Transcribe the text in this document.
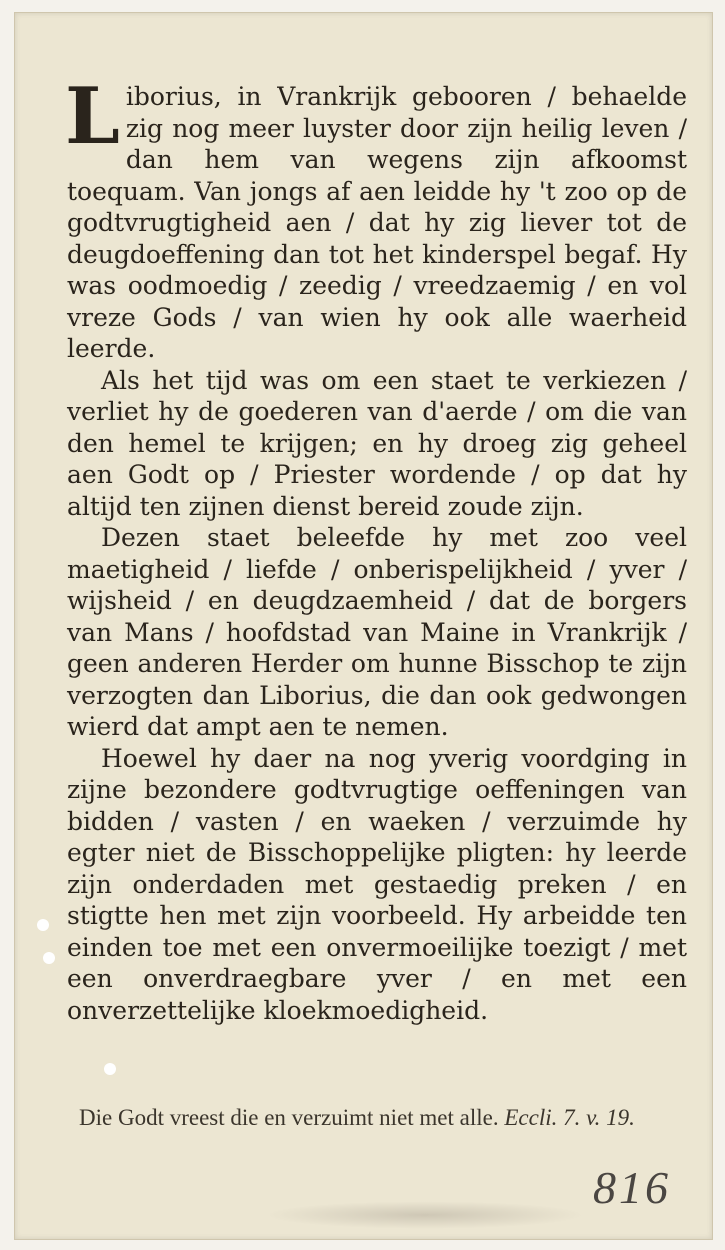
Liborius, in Vrankrijk gebooren / behaelde zig nog meer luyster door zijn heilig leven / dan hem van wegens zijn afkoomst toequam. Van jongs af aen leidde hy 't zoo op de godtvrugtigheid aen / dat hy zig liever tot de deugdoeffening dan tot het kinderspel begaf. Hy was oodmoedig / zeedig / vreedzaemig / en vol vreze Gods / van wien hy ook alle waerheid leerde.

Als het tijd was om een staet te verkiezen / verliet hy de goederen van d'aerde / om die van den hemel te krijgen; en hy droeg zig geheel aen Godt op / Priester wordende / op dat hy altijd ten zijnen dienst bereid zoude zijn.

Dezen staet beleefde hy met zoo veel maetigheid / liefde / onberispelijkheid / yver / wijsheid / en deugdzaemheid / dat de borgers van Mans / hoofdstad van Maine in Vrankrijk / geen anderen Herder om hunne Bisschop te zijn verzogten dan Liborius, die dan ook gedwongen wierd dat ampt aen te nemen.

Hoewel hy daer na nog yverig voordging in zijne bezondere godtvrugtige oeffeningen van bidden / vasten / en waeken / verzuimde hy egter niet de Bisschoppelijke pligten: hy leerde zijn onderdaden met gestaedig preken / en stigtte hen met zijn voorbeeld. Hy arbeidde ten einden toe met een onvermoeilijke toezigt / met een onverdraegbare yver / en met een onverzettelijke kloekmoedigheid.

Die Godt vreest die en verzuimt niet met alle. Eccli. 7. v. 19.
816
